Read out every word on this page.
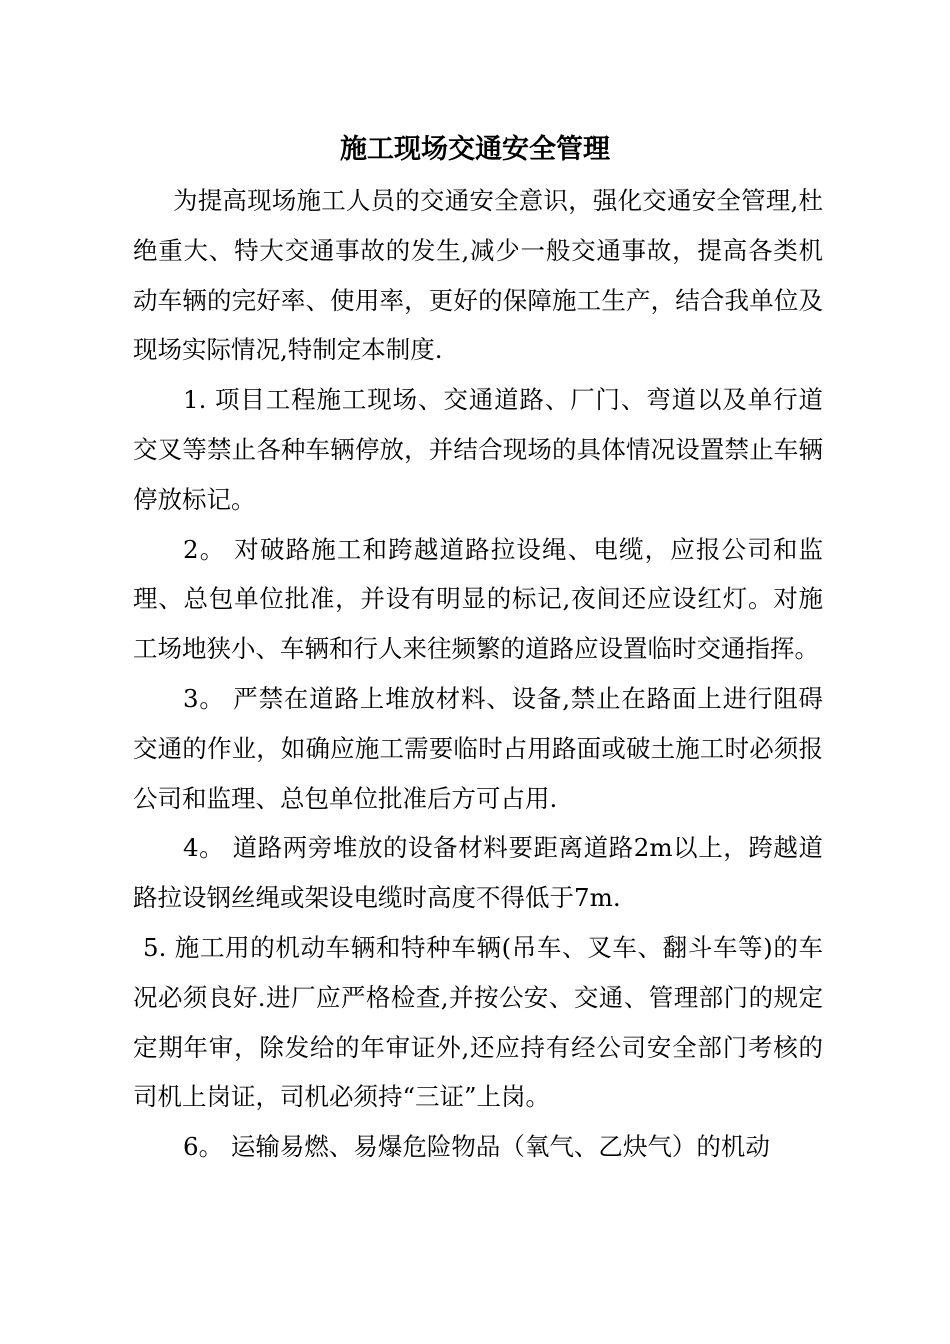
施工现场交通安全管理

为提高现场施工人员的交通安全意识，强化交通安全管理,杜绝重大、特大交通事故的发生,减少一般交通事故，提高各类机动车辆的完好率、使用率，更好的保障施工生产，结合我单位及现场实际情况,特制定本制度.

1. 项目工程施工现场、交通道路、厂门、弯道以及单行道交叉等禁止各种车辆停放，并结合现场的具体情况设置禁止车辆停放标记。

2。 对破路施工和跨越道路拉设绳、电缆，应报公司和监理、总包单位批准，并设有明显的标记,夜间还应设红灯。对施工场地狭小、车辆和行人来往频繁的道路应设置临时交通指挥。

3。 严禁在道路上堆放材料、设备,禁止在路面上进行阻碍交通的作业，如确应施工需要临时占用路面或破土施工时必须报公司和监理、总包单位批准后方可占用.

4。 道路两旁堆放的设备材料要距离道路2m以上，跨越道路拉设钢丝绳或架设电缆时高度不得低于7m.

5. 施工用的机动车辆和特种车辆(吊车、叉车、翻斗车等)的车况必须良好.进厂应严格检查,并按公安、交通、管理部门的规定定期年审，除发给的年审证外,还应持有经公司安全部门考核的司机上岗证，司机必须持“三证”上岗。

6。 运输易燃、易爆危险物品（氧气、乙炔气）的机动
